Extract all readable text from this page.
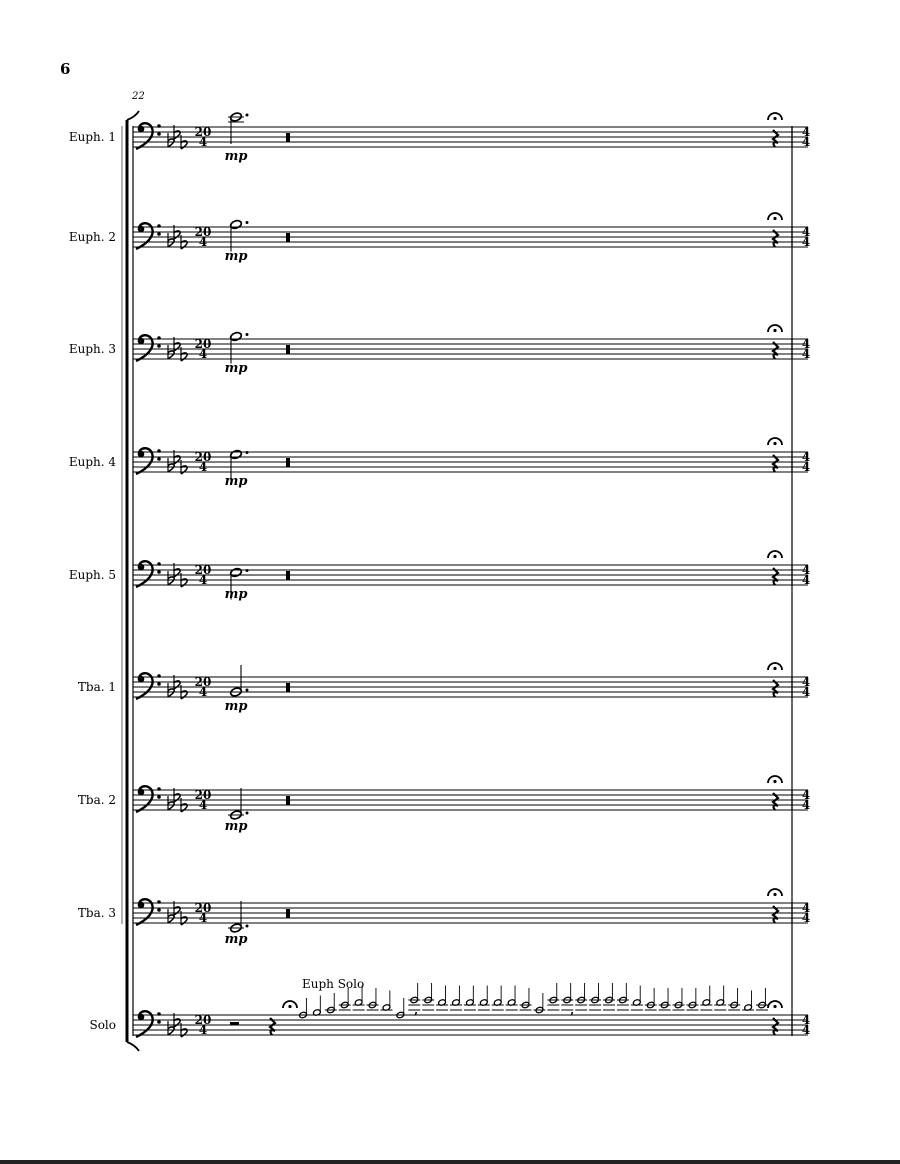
6
22
Euph. 1	20
4
4
4
mp
Euph. 2	20
4
4
4
mp
Euph. 3	20
4
4
4
mp
Euph. 4	20
4
4
4
mp
Euph. 5	20
4
4
4
mp
Tba. 1	20
4
4
4
mp
Tba. 2	20
4
4
4
mp
Tba. 3	20
4
4
4
mp
Solo	20
4
4
4
Euph Solo
,	,
